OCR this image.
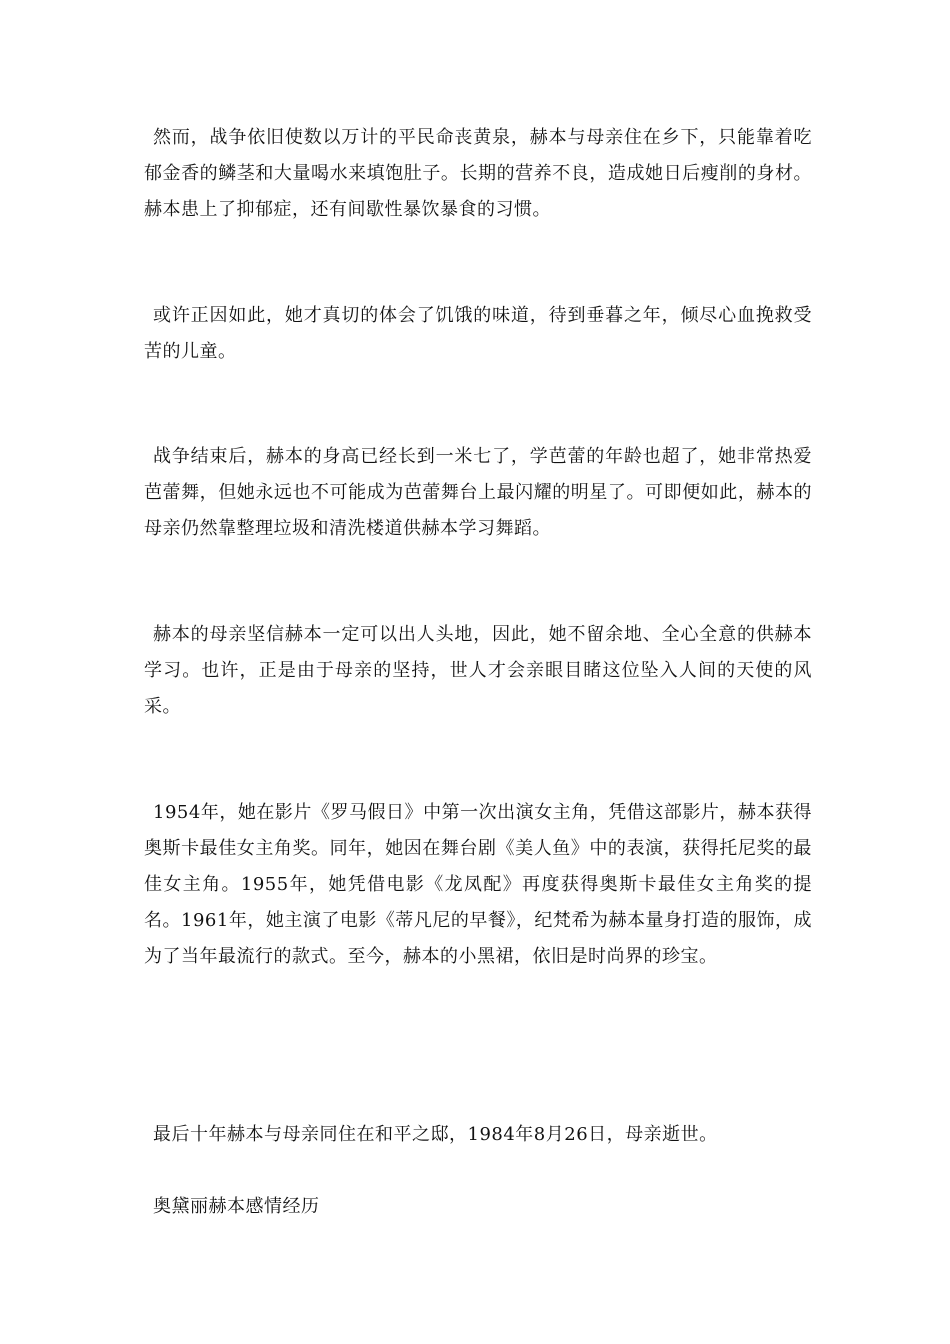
然而，战争依旧使数以万计的平民命丧黄泉，赫本与母亲住在乡下，只能靠着吃郁金香的鳞茎和大量喝水来填饱肚子。长期的营养不良，造成她日后瘦削的身材。赫本患上了抑郁症，还有间歇性暴饮暴食的习惯。

或许正因如此，她才真切的体会了饥饿的味道，待到垂暮之年，倾尽心血挽救受苦的儿童。

战争结束后，赫本的身高已经长到一米七了，学芭蕾的年龄也超了，她非常热爱芭蕾舞，但她永远也不可能成为芭蕾舞台上最闪耀的明星了。可即便如此，赫本的母亲仍然靠整理垃圾和清洗楼道供赫本学习舞蹈。

赫本的母亲坚信赫本一定可以出人头地，因此，她不留余地、全心全意的供赫本学习。也许，正是由于母亲的坚持，世人才会亲眼目睹这位坠入人间的天使的风采。

1954年，她在影片《罗马假日》中第一次出演女主角，凭借这部影片，赫本获得奥斯卡最佳女主角奖。同年，她因在舞台剧《美人鱼》中的表演，获得托尼奖的最佳女主角。1955年，她凭借电影《龙凤配》再度获得奥斯卡最佳女主角奖的提名。1961年，她主演了电影《蒂凡尼的早餐》，纪梵希为赫本量身打造的服饰，成为了当年最流行的款式。至今，赫本的小黑裙，依旧是时尚界的珍宝。

最后十年赫本与母亲同住在和平之邸，1984年8月26日，母亲逝世。

奥黛丽赫本感情经历
